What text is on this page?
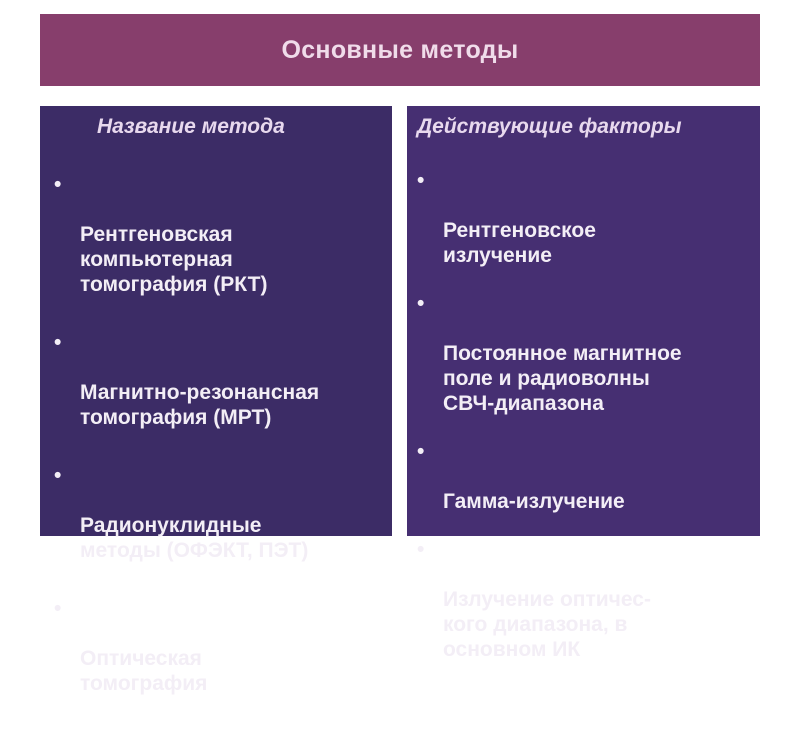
Основные методы
Название метода

•

Рентгеновская
компьютерная
томография (РКТ)

•

Магнитно-резонансная
томография (МРТ)

•

Радионуклидные
методы (ОФЭКТ, ПЭТ)

•

Оптическая
томография

Действующие факторы

•

Рентгеновское
излучение

•

Постоянное магнитное
поле и радиоволны
СВЧ-диапазона

•

Гамма-излучение

•

Излучение оптичес-
кого диапазона, в
основном ИК
